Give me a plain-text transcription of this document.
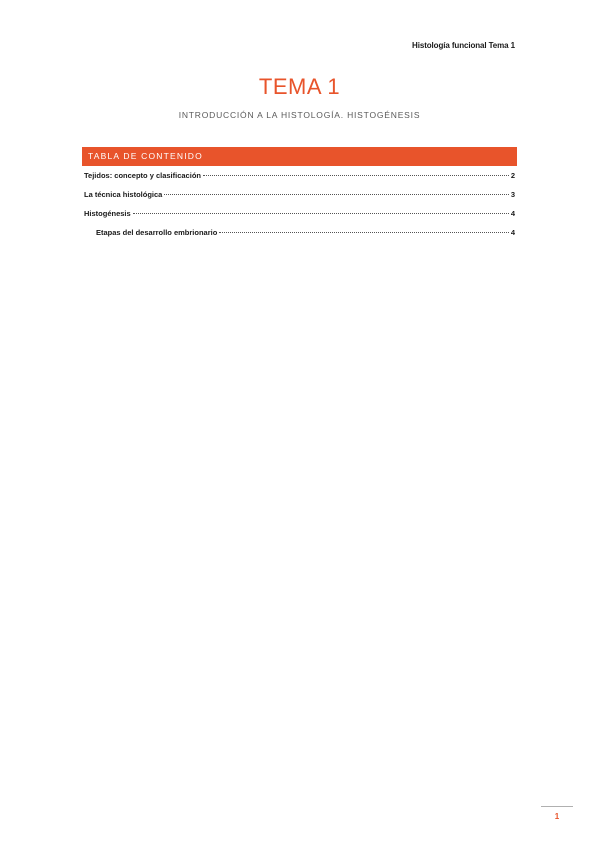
Histología funcional Tema 1
TEMA 1
INTRODUCCIÓN A LA HISTOLOGÍA. HISTOGÉNESIS
TABLA DE CONTENIDO
Tejidos: concepto y clasificación	2
La técnica histológica	3
Histogénesis	4
Etapas del desarrollo embrionario	4
1
